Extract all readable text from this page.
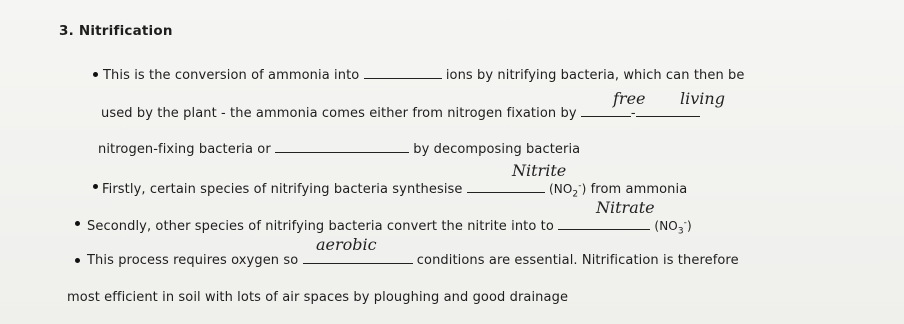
3. Nitrification
This is the conversion of ammonia into	ions by nitrifying bacteria, which can then be
used by the plant - the ammonia comes either from nitrogen fixation by	-
free living
nitrogen-fixing bacteria or	by decomposing bacteria
Firstly, certain species of nitrifying bacteria synthesise	$(NO_2^-)$ from ammonia
Nitrite
Secondly, other species of nitrifying bacteria convert the nitrite into to	$(NO_3^-)$
Nitrate
This process requires oxygen so	conditions are essential. Nitrification is therefore
aerobic
most efficient in soil with lots of air spaces by ploughing and good drainage
